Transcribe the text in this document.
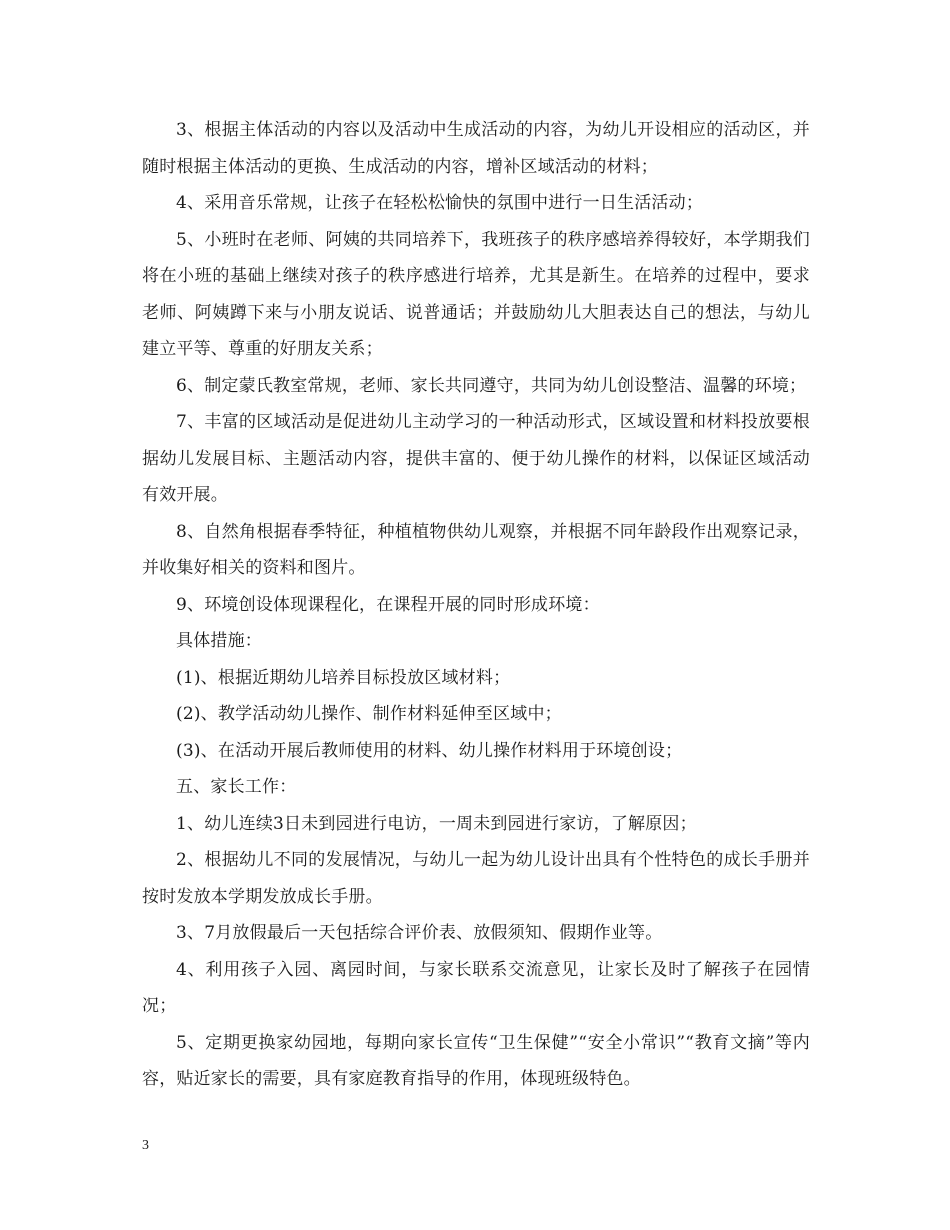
3、根据主体活动的内容以及活动中生成活动的内容，为幼儿开设相应的活动区，并随时根据主体活动的更换、生成活动的内容，增补区域活动的材料；

4、采用音乐常规，让孩子在轻松松愉快的氛围中进行一日生活活动；

5、小班时在老师、阿姨的共同培养下，我班孩子的秩序感培养得较好，本学期我们将在小班的基础上继续对孩子的秩序感进行培养，尤其是新生。在培养的过程中，要求老师、阿姨蹲下来与小朋友说话、说普通话；并鼓励幼儿大胆表达自己的想法，与幼儿建立平等、尊重的好朋友关系；

6、制定蒙氏教室常规，老师、家长共同遵守，共同为幼儿创设整洁、温馨的环境；

7、丰富的区域活动是促进幼儿主动学习的一种活动形式，区域设置和材料投放要根据幼儿发展目标、主题活动内容，提供丰富的、便于幼儿操作的材料，以保证区域活动有效开展。

8、自然角根据春季特征，种植植物供幼儿观察，并根据不同年龄段作出观察记录，并收集好相关的资料和图片。

9、环境创设体现课程化，在课程开展的同时形成环境：

具体措施：

(1)、根据近期幼儿培养目标投放区域材料；

(2)、教学活动幼儿操作、制作材料延伸至区域中；

(3)、在活动开展后教师使用的材料、幼儿操作材料用于环境创设；

五、家长工作：

1、幼儿连续3日未到园进行电访，一周未到园进行家访，了解原因；

2、根据幼儿不同的发展情况，与幼儿一起为幼儿设计出具有个性特色的成长手册并按时发放本学期发放成长手册。

3、7月放假最后一天包括综合评价表、放假须知、假期作业等。

4、利用孩子入园、离园时间，与家长联系交流意见，让家长及时了解孩子在园情况；

5、定期更换家幼园地，每期向家长宣传“卫生保健”“安全小常识”“教育文摘”等内容，贴近家长的需要，具有家庭教育指导的作用，体现班级特色。

3
